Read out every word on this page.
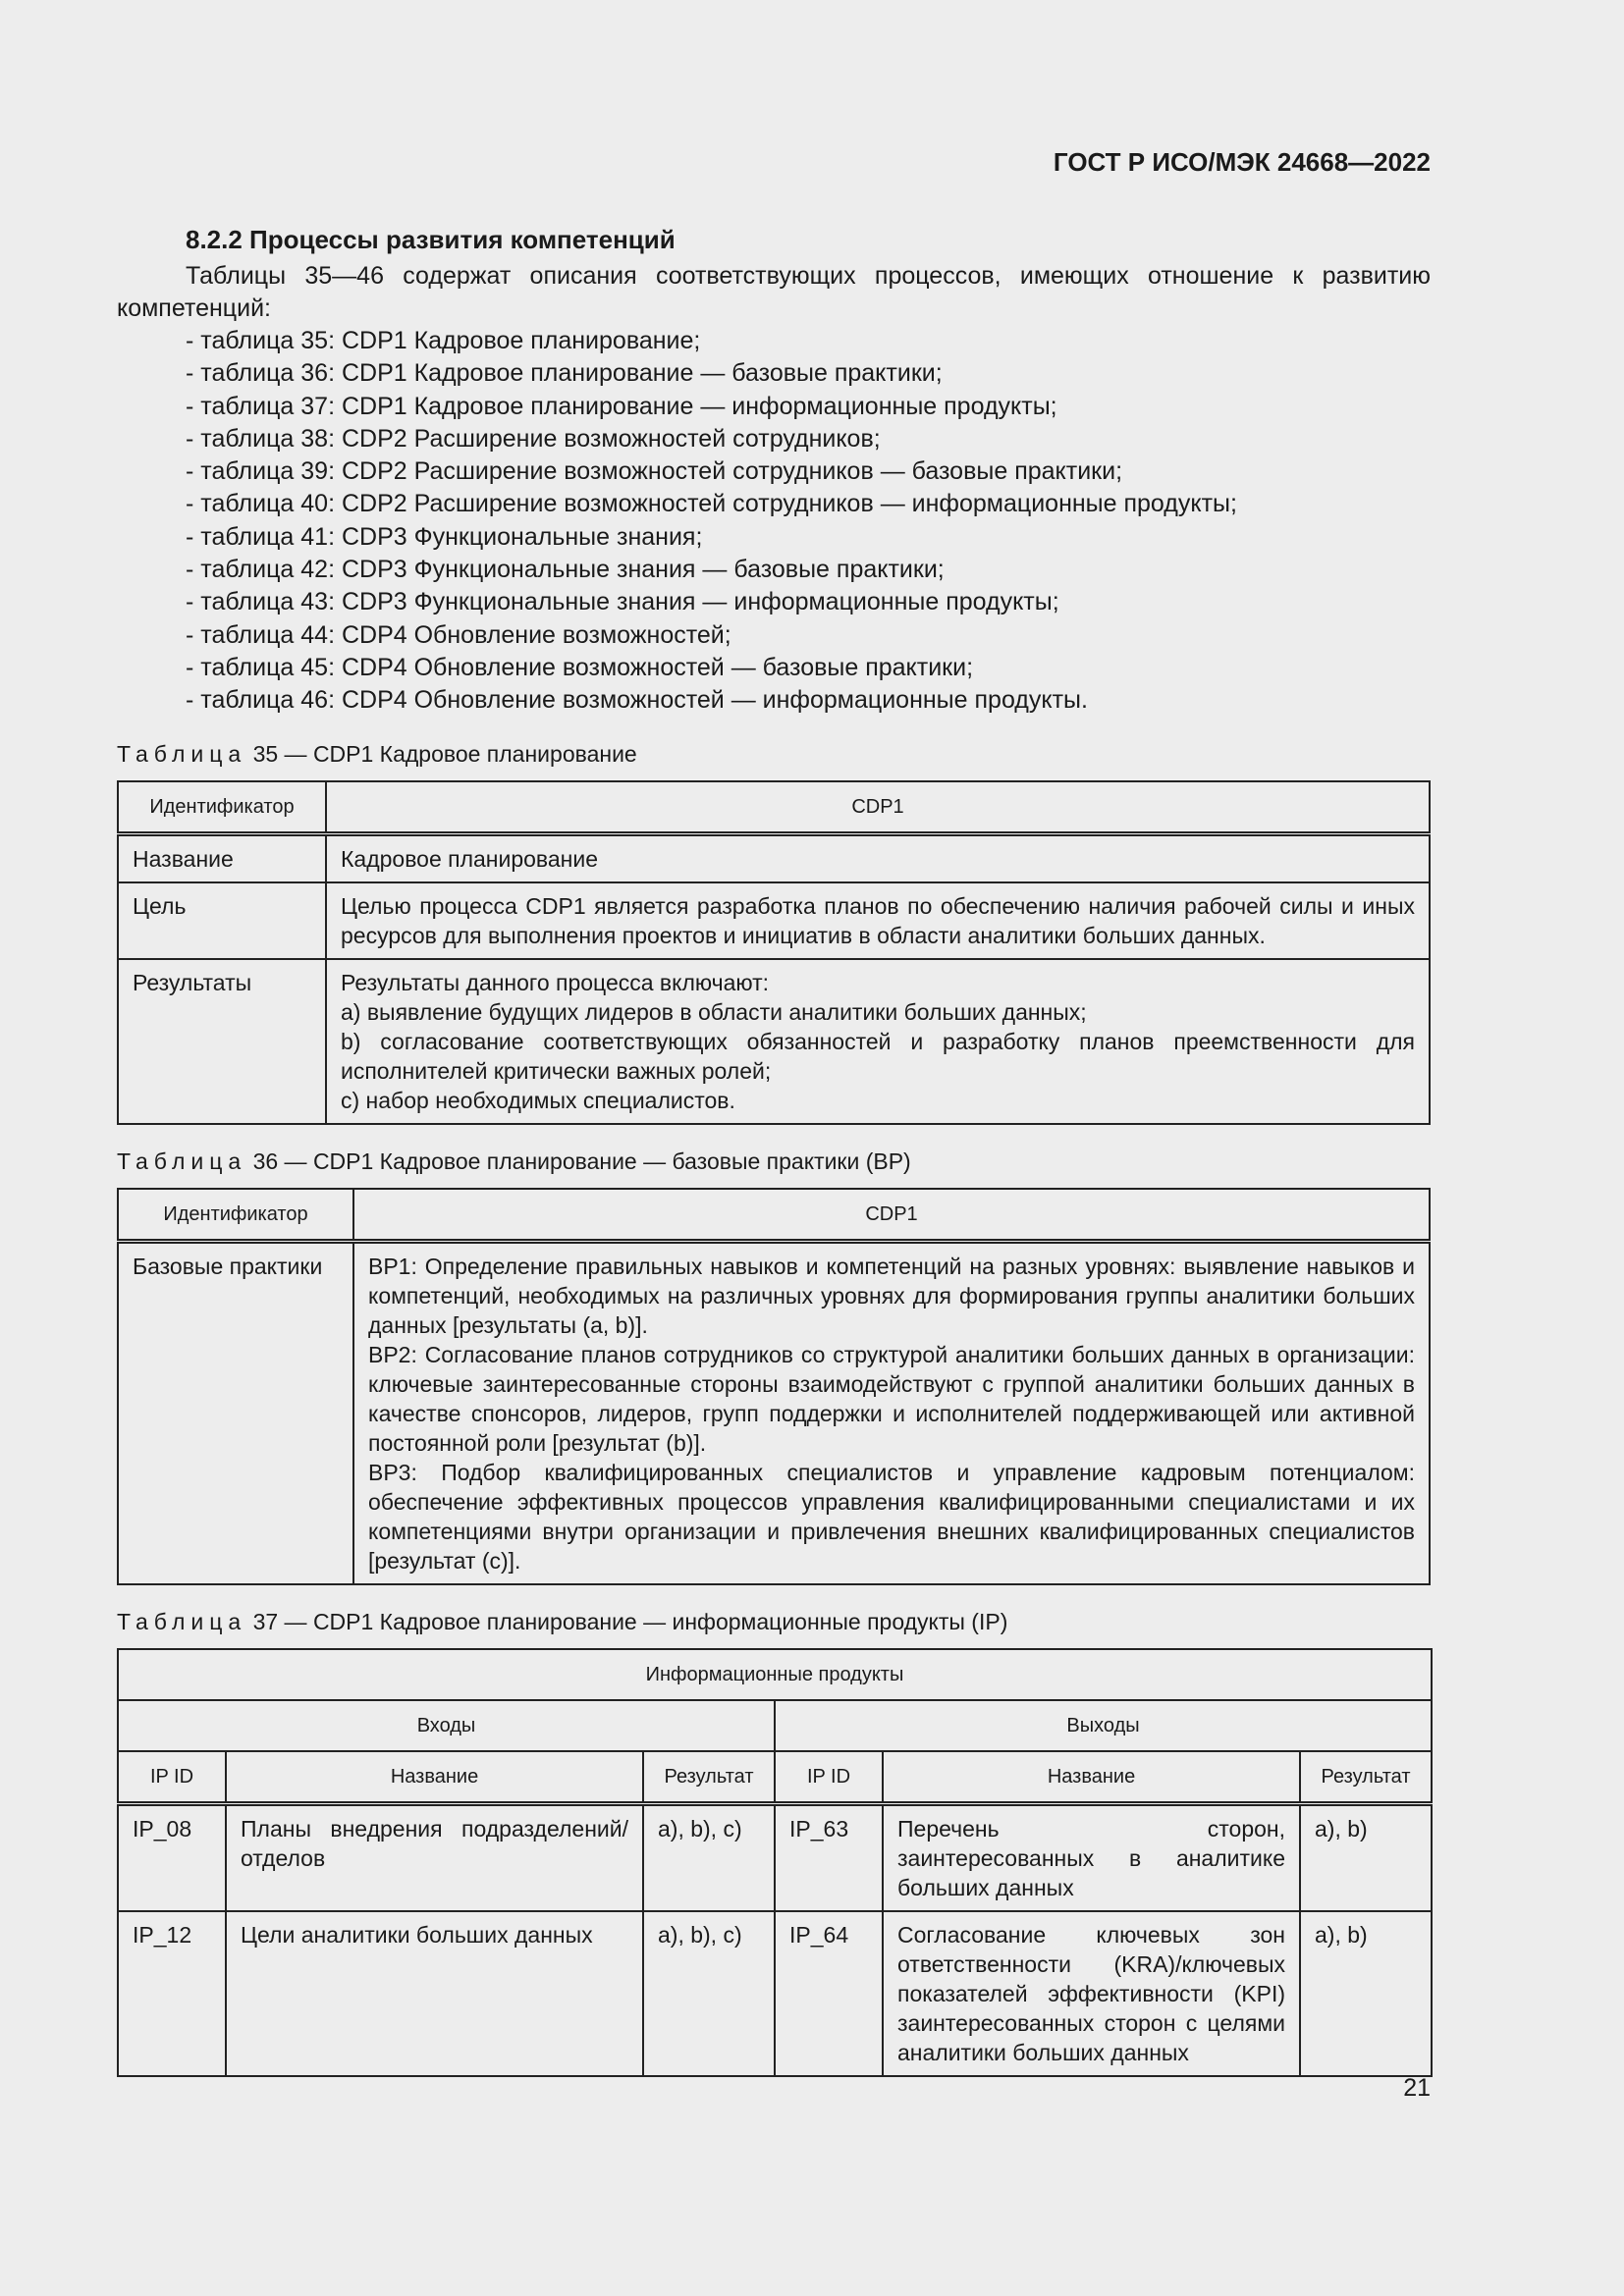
ГОСТ Р ИСО/МЭК 24668—2022
8.2.2 Процессы развития компетенций

Таблицы 35—46 содержат описания соответствующих процессов, имеющих отношение к развитию компетенций:

- таблица 35: CDP1 Кадровое планирование;
- таблица 36: CDP1 Кадровое планирование — базовые практики;
- таблица 37: CDP1 Кадровое планирование — информационные продукты;
- таблица 38: CDP2 Расширение возможностей сотрудников;
- таблица 39: CDP2 Расширение возможностей сотрудников — базовые практики;
- таблица 40: CDP2 Расширение возможностей сотрудников — информационные продукты;
- таблица 41: CDP3 Функциональные знания;
- таблица 42: CDP3 Функциональные знания — базовые практики;
- таблица 43: CDP3 Функциональные знания — информационные продукты;
- таблица 44: CDP4 Обновление возможностей;
- таблица 45: CDP4 Обновление возможностей — базовые практики;
- таблица 46: CDP4 Обновление возможностей — информационные продукты.
Таблица 35 — CDP1 Кадровое планирование
Идентификатор	CDP1
Название	Кадровое планирование
Цель	Целью процесса CDP1 является разработка планов по обеспечению наличия рабочей силы и иных ресурсов для выполнения проектов и инициатив в области аналитики больших данных.
Результаты	Результаты данного процесса включают:
a) выявление будущих лидеров в области аналитики больших данных;
b) согласование соответствующих обязанностей и разработку планов преемственности для исполнителей критически важных ролей;
c) набор необходимых специалистов.
Таблица 36 — CDP1 Кадровое планирование — базовые практики (BP)
Идентификатор	CDP1
Базовые практики	BP1: Определение правильных навыков и компетенций на разных уровнях: выявление навыков и компетенций, необходимых на различных уровнях для формирования группы аналитики больших данных [результаты (a, b)].
BP2: Согласование планов сотрудников со структурой аналитики больших данных в организации: ключевые заинтересованные стороны взаимодействуют с группой аналитики больших данных в качестве спонсоров, лидеров, групп поддержки и исполнителей поддерживающей или активной постоянной роли [результат (b)].
BP3: Подбор квалифицированных специалистов и управление кадровым потенциалом: обеспечение эффективных процессов управления квалифицированными специалистами и их компетенциями внутри организации и привлечения внешних квалифицированных специалистов [результат (c)].
Таблица 37 — CDP1 Кадровое планирование — информационные продукты (IP)
Информационные продукты					
Входы			Выходы		
IP ID	Название	Результат	IP ID	Название	Результат
IP_08	Планы внедрения подразделений/отделов	a), b), c)	IP_63	Перечень сторон, заинтересованных в аналитике больших данных	a), b)
IP_12	Цели аналитики больших данных	a), b), c)	IP_64	Согласование ключевых зон ответственности (KRA)/ключевых показателей эффективности (KPI) заинтересованных сторон с целями аналитики больших данных	a), b)
21
